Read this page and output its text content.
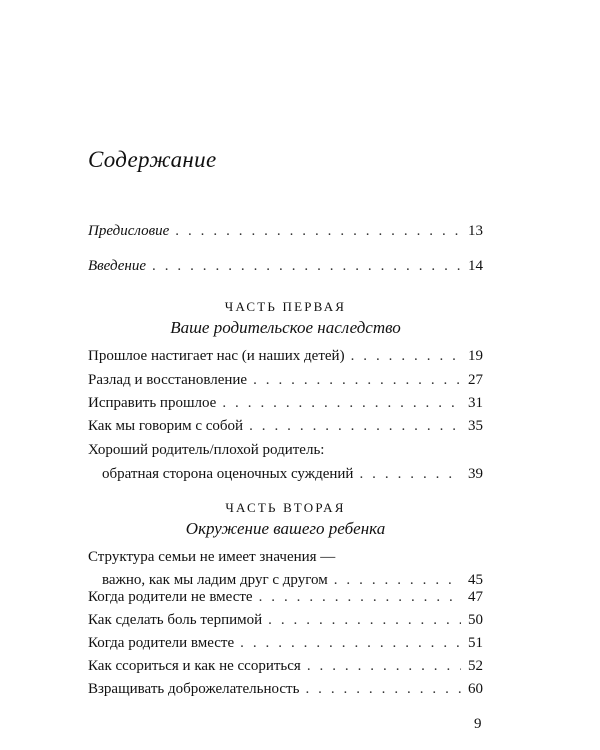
Содержание
Предисловие . . .	13
Введение . . .	14
ЧАСТЬ ПЕРВАЯ
Ваше родительское наследство
Прошлое настигает нас (и наших детей) . . .	19
Разлад и восстановление . . .	27
Исправить прошлое . . .	31
Как мы говорим с собой . . .	35
Хороший родитель/плохой родитель:
обратная сторона оценочных суждений . . .	39
ЧАСТЬ ВТОРАЯ
Окружение вашего ребенка
Структура семьи не имеет значения —
важно, как мы ладим друг с другом . . .	45
Когда родители не вместе . . .	47
Как сделать боль терпимой . . .	50
Когда родители вместе . . .	51
Как ссориться и как не ссориться . . .	52
Взращивать доброжелательность . . .	60
9
